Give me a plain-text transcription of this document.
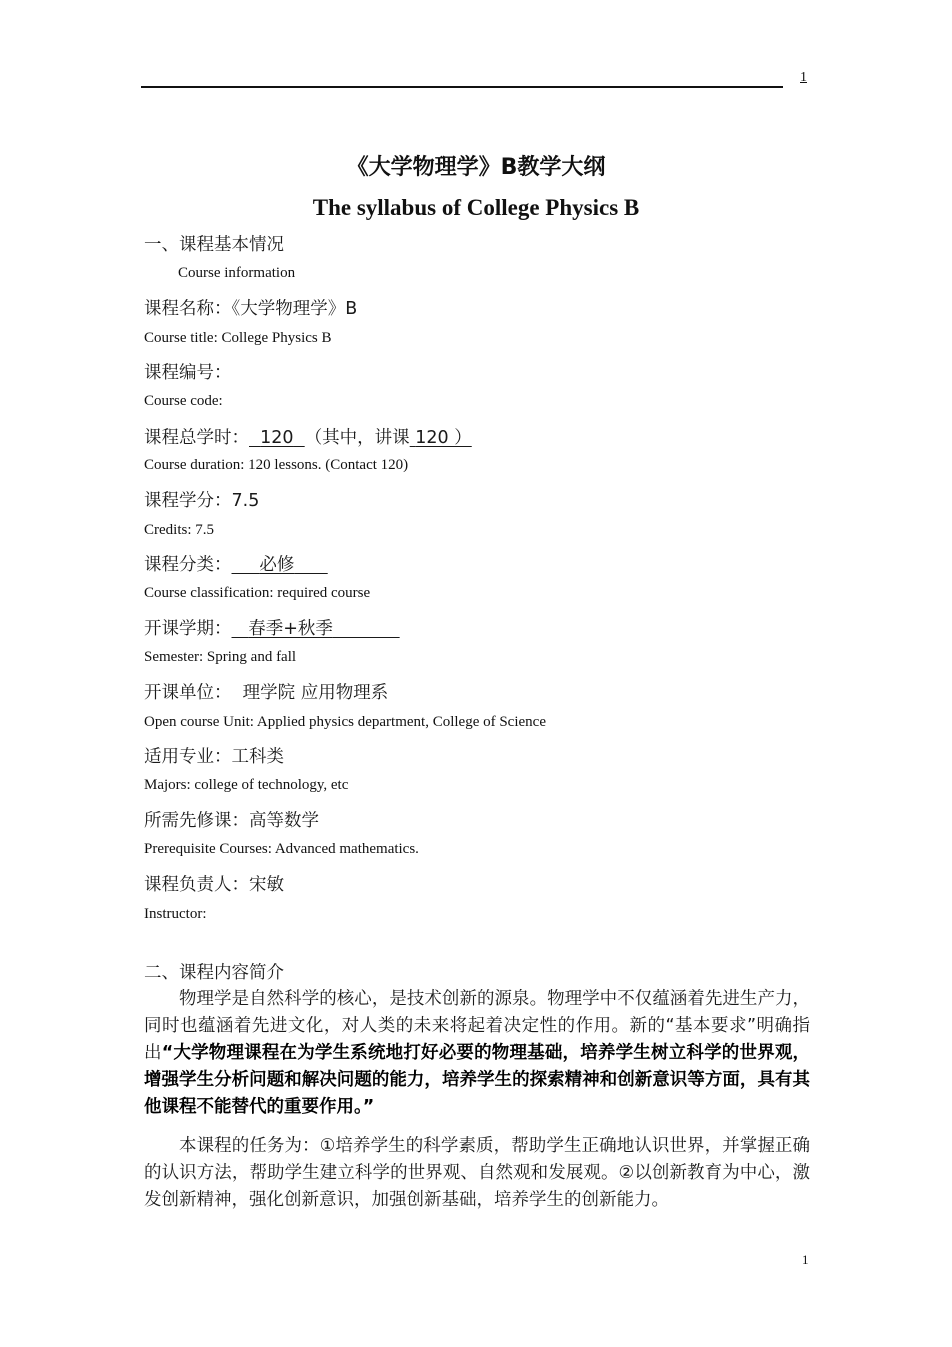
1
《大学物理学》B教学大纲
The syllabus of College Physics B
一、课程基本情况
Course information
课程名称：《大学物理学》B
Course title: College Physics B
课程编号：
Course code:
课程总学时： 120 （其中，讲课 120 ）
Course duration: 120 lessons. (Contact 120)
课程学分：7.5
Credits: 7.5
课程分类： 必修
Course classification: required course
开课学期： 春季+秋季
Semester: Spring and fall
开课单位： 理学院 应用物理系
Open course Unit: Applied physics department, College of Science
适用专业：工科类
Majors: college of technology, etc
所需先修课：高等数学
Prerequisite Courses: Advanced mathematics.
课程负责人：宋敏
Instructor:
二、课程内容简介

物理学是自然科学的核心，是技术创新的源泉。物理学中不仅蕴涵着先进生产力，同时也蕴涵着先进文化，对人类的未来将起着决定性的作用。新的“基本要求”明确指出“大学物理课程在为学生系统地打好必要的物理基础，培养学生树立科学的世界观，增强学生分析问题和解决问题的能力，培养学生的探索精神和创新意识等方面，具有其他课程不能替代的重要作用。”

本课程的任务为：①培养学生的科学素质，帮助学生正确地认识世界，并掌握正确的认识方法，帮助学生建立科学的世界观、自然观和发展观。②以创新教育为中心，激发创新精神，强化创新意识，加强创新基础，培养学生的创新能力。

1
